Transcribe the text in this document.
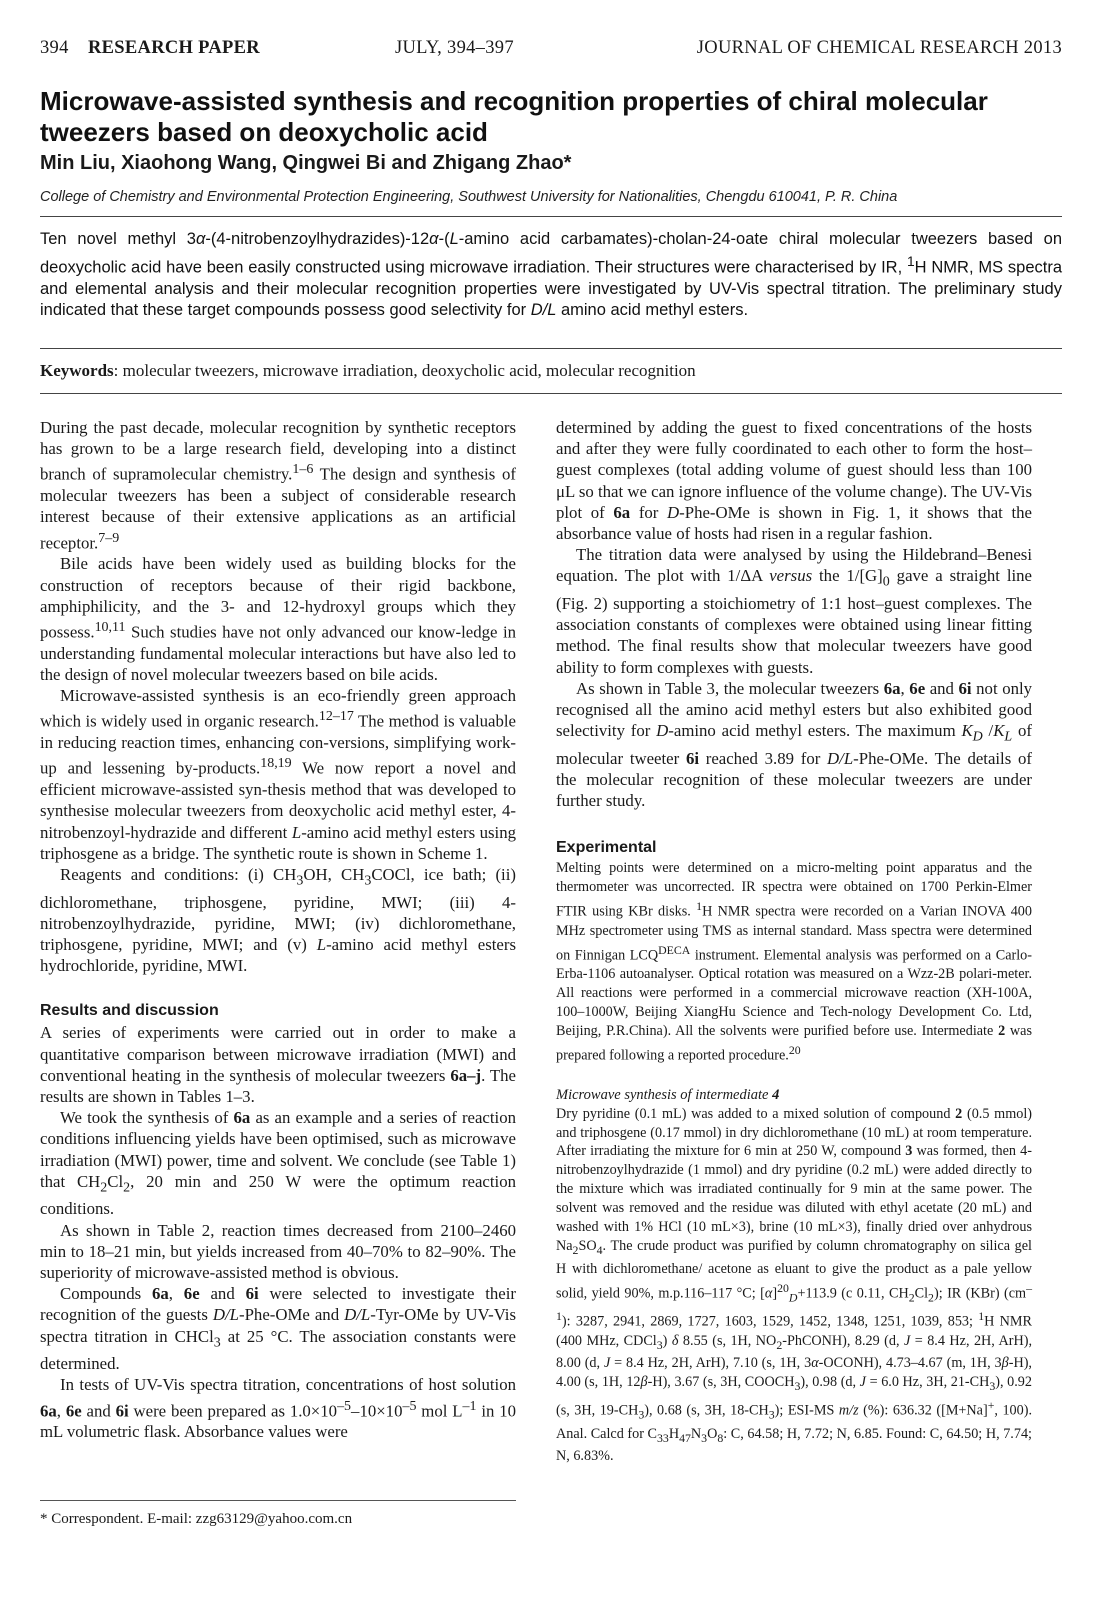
394 RESEARCH PAPER	JULY, 394–397	JOURNAL OF CHEMICAL RESEARCH 2013
Microwave-assisted synthesis and recognition properties of chiral molecular tweezers based on deoxycholic acid

Min Liu, Xiaohong Wang, Qingwei Bi and Zhigang Zhao*

College of Chemistry and Environmental Protection Engineering, Southwest University for Nationalities, Chengdu 610041, P. R. China

Ten novel methyl 3α-(4-nitrobenzoylhydrazides)-12α-(L-amino acid carbamates)-cholan-24-oate chiral molecular tweezers based on deoxycholic acid have been easily constructed using microwave irradiation. Their structures were characterised by IR, $^1$H NMR, MS spectra and elemental analysis and their molecular recognition properties were investigated by UV-Vis spectral titration. The preliminary study indicated that these target compounds possess good selectivity for D/L amino acid methyl esters.

Keywords: molecular tweezers, microwave irradiation, deoxycholic acid, molecular recognition

During the past decade, molecular recognition by synthetic receptors has grown to be a large research field, developing into a distinct branch of supramolecular chemistry.$^{1-6}$ The design and synthesis of molecular tweezers has been a subject of considerable research interest because of their extensive applications as an artificial receptor.$^{7-9}$

Bile acids have been widely used as building blocks for the construction of receptors because of their rigid backbone, amphiphilicity, and the 3- and 12-hydroxyl groups which they possess.$^{10,11}$ Such studies have not only advanced our know-ledge in understanding fundamental molecular interactions but have also led to the design of novel molecular tweezers based on bile acids.

Microwave-assisted synthesis is an eco-friendly green approach which is widely used in organic research.$^{12-17}$ The method is valuable in reducing reaction times, enhancing con-versions, simplifying work-up and lessening by-products.$^{18,19}$ We now report a novel and efficient microwave-assisted syn-thesis method that was developed to synthesise molecular tweezers from deoxycholic acid methyl ester, 4-nitrobenzoyl-hydrazide and different L-amino acid methyl esters using triphosgene as a bridge. The synthetic route is shown in Scheme 1.

Reagents and conditions: (i) $CH_3OH$, $CH_3COCl$, ice bath; (ii) dichloromethane, triphosgene, pyridine, MWI; (iii) 4-nitrobenzoylhydrazide, pyridine, MWI; (iv) dichloromethane, triphosgene, pyridine, MWI; and (v) L-amino acid methyl esters hydrochloride, pyridine, MWI.

Results and discussion

A series of experiments were carried out in order to make a quantitative comparison between microwave irradiation (MWI) and conventional heating in the synthesis of molecular tweezers 6a–j. The results are shown in Tables 1–3.

We took the synthesis of 6a as an example and a series of reaction conditions influencing yields have been optimised, such as microwave irradiation (MWI) power, time and solvent. We conclude (see Table 1) that $CH_2Cl_2$, 20 min and 250 W were the optimum reaction conditions.

As shown in Table 2, reaction times decreased from 2100–2460 min to 18–21 min, but yields increased from 40–70% to 82–90%. The superiority of microwave-assisted method is obvious.

Compounds 6a, 6e and 6i were selected to investigate their recognition of the guests D/L-Phe-OMe and D/L-Tyr-OMe by UV-Vis spectra titration in CHCl$_3$ at 25 °C. The association constants were determined.

In tests of UV-Vis spectra titration, concentrations of host solution 6a, 6e and 6i were been prepared as $1.0\times 10^{-5}-10\times 10^{-5}$ mol $L^{-1}$ in 10 mL volumetric flask. Absorbance values were

* Correspondent. E-mail: zzg63129@yahoo.com.cn

determined by adding the guest to fixed concentrations of the hosts and after they were fully coordinated to each other to form the host–guest complexes (total adding volume of guest should less than 100 μL so that we can ignore influence of the volume change). The UV-Vis plot of 6a for D-Phe-OMe is shown in Fig. 1, it shows that the absorbance value of hosts had risen in a regular fashion.

The titration data were analysed by using the Hildebrand–Benesi equation. The plot with 1/ΔA versus the $1/[G]_0$ gave a straight line (Fig. 2) supporting a stoichiometry of 1:1 host–guest complexes. The association constants of complexes were obtained using linear fitting method. The final results show that molecular tweezers have good ability to form complexes with guests.

As shown in Table 3, the molecular tweezers 6a, 6e and 6i not only recognised all the amino acid methyl esters but also exhibited good selectivity for D-amino acid methyl esters. The maximum $K_D$ $/K_L$ of molecular tweeter 6i reached 3.89 for D/L-Phe-OMe. The details of the molecular recognition of these molecular tweezers are under further study.

Experimental

Melting points were determined on a micro-melting point apparatus and the thermometer was uncorrected. IR spectra were obtained on 1700 Perkin-Elmer FTIR using KBr disks. $^1$H NMR spectra were recorded on a Varian INOVA 400 MHz spectrometer using TMS as internal standard. Mass spectra were determined on Finnigan $LCQ^{DECA}$ instrument. Elemental analysis was performed on a Carlo-Erba-1106 autoanalyser. Optical rotation was measured on a Wzz-2B polari-meter. All reactions were performed in a commercial microwave reaction (XH-100A, 100–1000W, Beijing XiangHu Science and Tech-nology Development Co. Ltd, Beijing, P.R.China). All the solvents were purified before use. Intermediate 2 was prepared following a reported procedure.$^{20}$

Microwave synthesis of intermediate 4

Dry pyridine (0.1 mL) was added to a mixed solution of compound 2 (0.5 mmol) and triphosgene (0.17 mmol) in dry dichloromethane (10 mL) at room temperature. After irradiating the mixture for 6 min at 250 W, compound 3 was formed, then 4-nitrobenzoylhydrazide (1 mmol) and dry pyridine (0.2 mL) were added directly to the mixture which was irradiated continually for 9 min at the same power. The solvent was removed and the residue was diluted with ethyl acetate (20 mL) and washed with 1% HCl (10 mL×3), brine (10 mL×3), finally dried over anhydrous $Na_2SO_4$. The crude product was purified by column chromatography on silica gel H with dichloromethane/ acetone as eluant to give the product as a pale yellow solid, yield 90%, m.p.116–117 °C; $[\alpha]^{20}_D+113.9$ (c 0.11, $CH_2Cl_2$); IR (KBr) $(cm^{-1})$: 3287, 2941, 2869, 1727, 1603, 1529, 1452, 1348, 1251, 1039, 853; $^1$H NMR (400 MHz, CDCl$_3$) δ 8.55 (s, 1H, $NO_2-PhCONH$), 8.29 (d, J = 8.4 Hz, 2H, ArH), 8.00 (d, J = 8.4 Hz, 2H, ArH), 7.10 (s, 1H, 3α-OCONH), 4.73–4.67 (m, 1H, 3β-H), 4.00 (s, 1H, 12β-H), 3.67 (s, 3H, $COOCH_3$), 0.98 (d, J = 6.0 Hz, 3H, $21-CH_3$), 0.92 (s, 3H, $19-CH_3$), 0.68 (s, 3H, $18-CH_3$); ESI-MS m/z (%): 636.32 ([M+Na]+, 100). Anal. Calcd for $C_{33}H_{47}N_3O_8$: C, 64.58; H, 7.72; N, 6.85. Found: C, 64.50; H, 7.74; N, 6.83%.
